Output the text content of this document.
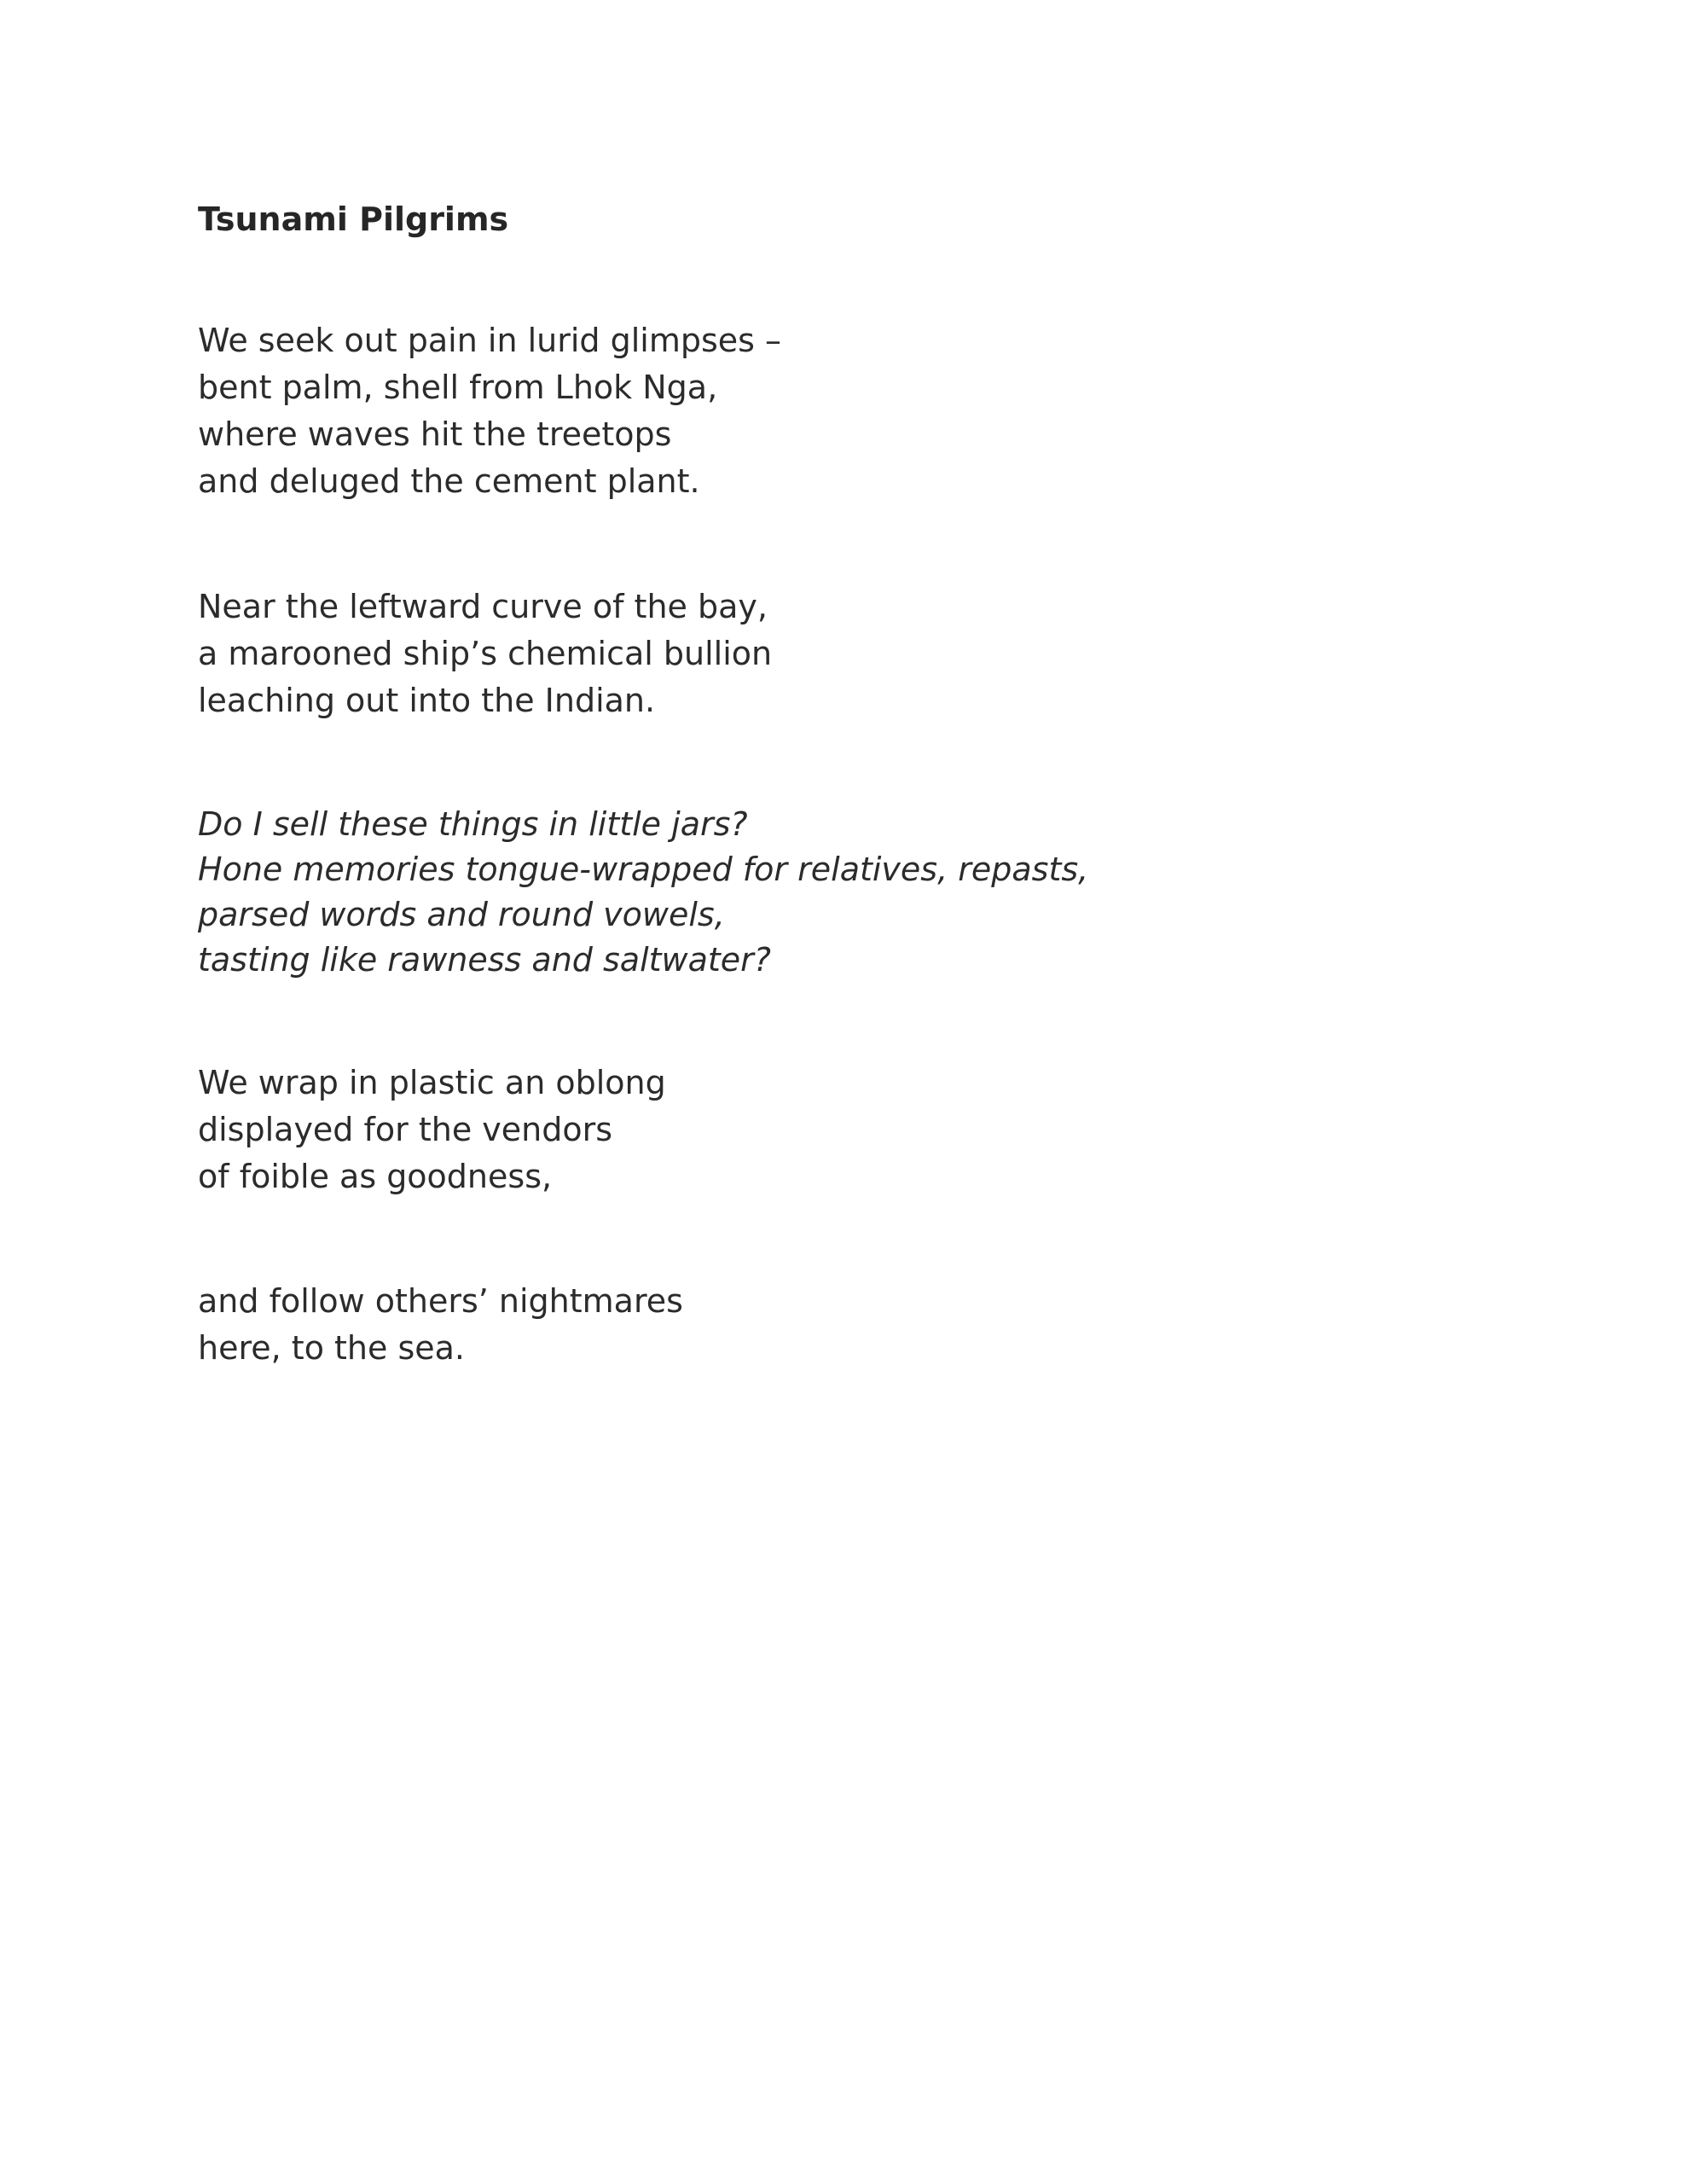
Tsunami Pilgrims
We seek out pain in lurid glimpses –
bent palm, shell from Lhok Nga,
where waves hit the treetops
and deluged the cement plant.
Near the leftward curve of the bay,
a marooned ship’s chemical bullion
leaching out into the Indian.
Do I sell these things in little jars?
Hone memories tongue-wrapped for relatives, repasts,
parsed words and round vowels,
tasting like rawness and saltwater?
We wrap in plastic an oblong
displayed for the vendors
of foible as goodness,
and follow others’ nightmares
here, to the sea.
